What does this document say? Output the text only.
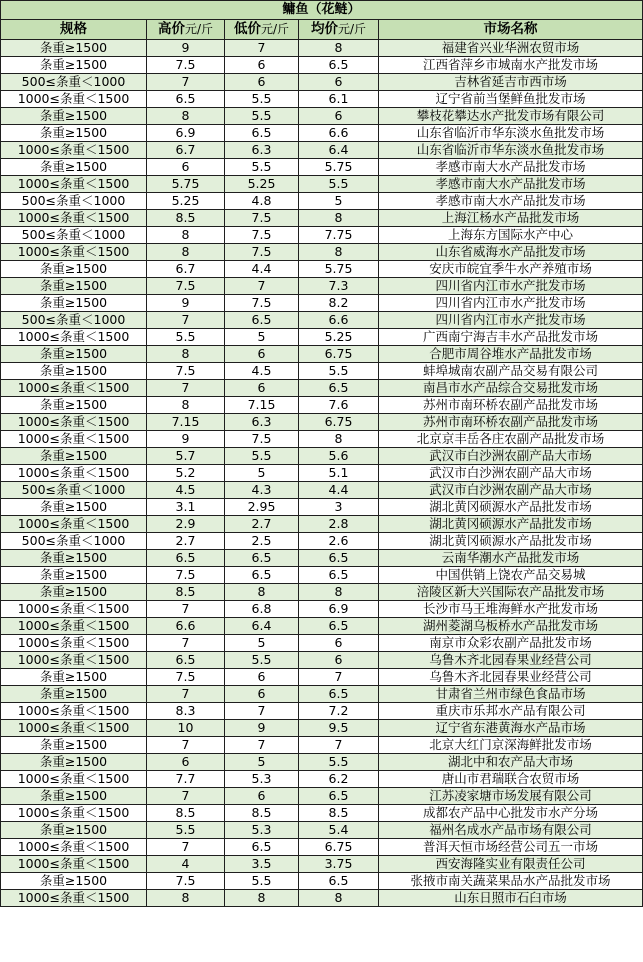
鳙鱼（花鲢）				
规格	高价元/斤	低价元/斤	均价元/斤	市场名称
条重≥1500	9	7	8	福建省兴业华洲农贸市场
条重≥1500	7.5	6	6.5	江西省萍乡市城南水产批发市场
500≤条重＜1000	7	6	6	吉林省延吉市西市场
1000≤条重＜1500	6.5	5.5	6.1	辽宁省前当堡鲜鱼批发市场
条重≥1500	8	5.5	6	攀枝花攀达水产批发市场有限公司
条重≥1500	6.9	6.5	6.6	山东省临沂市华东淡水鱼批发市场
1000≤条重＜1500	6.7	6.3	6.4	山东省临沂市华东淡水鱼批发市场
条重≥1500	6	5.5	5.75	孝感市南大水产品批发市场
1000≤条重＜1500	5.75	5.25	5.5	孝感市南大水产品批发市场
500≤条重＜1000	5.25	4.8	5	孝感市南大水产品批发市场
1000≤条重＜1500	8.5	7.5	8	上海江杨水产品批发市场
500≤条重＜1000	8	7.5	7.75	上海东方国际水产中心
1000≤条重＜1500	8	7.5	8	山东省威海水产品批发市场
条重≥1500	6.7	4.4	5.75	安庆市皖宜季牛水产养殖市场
条重≥1500	7.5	7	7.3	四川省内江市水产批发市场
条重≥1500	9	7.5	8.2	四川省内江市水产批发市场
500≤条重＜1000	7	6.5	6.6	四川省内江市水产批发市场
1000≤条重＜1500	5.5	5	5.25	广西南宁海吉丰水产品批发市场
条重≥1500	8	6	6.75	合肥市周谷堆水产品批发市场
条重≥1500	7.5	4.5	5.5	蚌埠城南农副产品交易有限公司
1000≤条重＜1500	7	6	6.5	南昌市水产品综合交易批发市场
条重≥1500	8	7.15	7.6	苏州市南环桥农副产品批发市场
1000≤条重＜1500	7.15	6.3	6.75	苏州市南环桥农副产品批发市场
1000≤条重＜1500	9	7.5	8	北京京丰岳各庄农副产品批发市场
条重≥1500	5.7	5.5	5.6	武汉市白沙洲农副产品大市场
1000≤条重＜1500	5.2	5	5.1	武汉市白沙洲农副产品大市场
500≤条重＜1000	4.5	4.3	4.4	武汉市白沙洲农副产品大市场
条重≥1500	3.1	2.95	3	湖北黄冈硕源水产品批发市场
1000≤条重＜1500	2.9	2.7	2.8	湖北黄冈硕源水产品批发市场
500≤条重＜1000	2.7	2.5	2.6	湖北黄冈硕源水产品批发市场
条重≥1500	6.5	6.5	6.5	云南华潮水产品批发市场
条重≥1500	7.5	6.5	6.5	中国供销上饶农产品交易城
条重≥1500	8.5	8	8	涪陵区新大兴国际农产品批发市场
1000≤条重＜1500	7	6.8	6.9	长沙市马王堆海鲜水产批发市场
1000≤条重＜1500	6.6	6.4	6.5	湖州菱湖乌板桥水产品批发市场
1000≤条重＜1500	7	5	6	南京市众彩农副产品批发市场
1000≤条重＜1500	6.5	5.5	6	乌鲁木齐北园春果业经营公司
条重≥1500	7.5	6	7	乌鲁木齐北园春果业经营公司
条重≥1500	7	6	6.5	甘肃省兰州市绿色食品市场
1000≤条重＜1500	8.3	7	7.2	重庆市乐邦水产品有限公司
1000≤条重＜1500	10	9	9.5	辽宁省东港黄海水产品市场
条重≥1500	7	7	7	北京大红门京深海鲜批发市场
条重≥1500	6	5	5.5	湖北中和农产品大市场
1000≤条重＜1500	7.7	5.3	6.2	唐山市君瑞联合农贸市场
条重≥1500	7	6	6.5	江苏凌家塘市场发展有限公司
1000≤条重＜1500	8.5	8.5	8.5	成都农产品中心批发市水产分场
条重≥1500	5.5	5.3	5.4	福州名成水产品市场有限公司
1000≤条重＜1500	7	6.5	6.75	普洱天恒市场经营公司五一市场
1000≤条重＜1500	4	3.5	3.75	西安海隆实业有限责任公司
条重≥1500	7.5	5.5	6.5	张掖市南关蔬菜果品水产品批发市场
1000≤条重＜1500	8	8	8	山东日照市石臼市场
